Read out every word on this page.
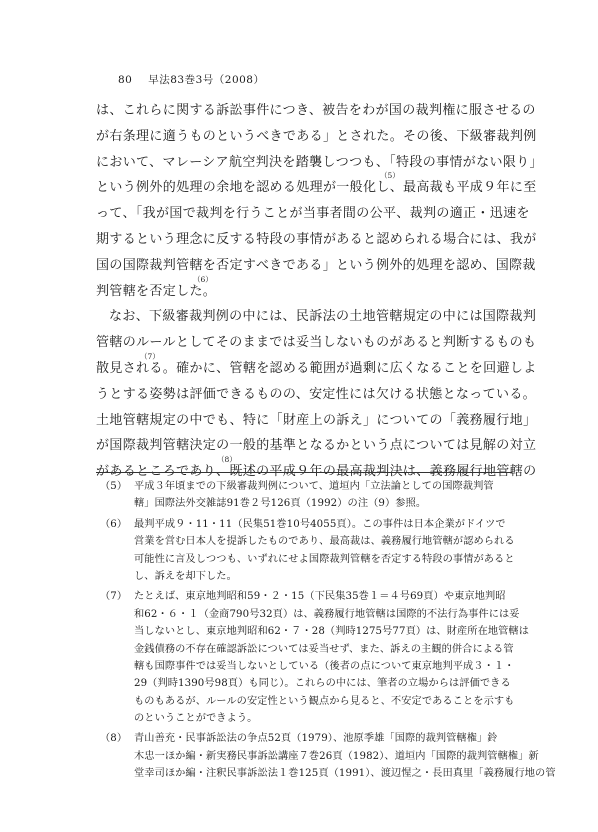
80 早法83巻3号（2008）
は、これらに関する訴訟事件につき、被告をわが国の裁判権に服させるの
が右条理に適うものというべきである」とされた。その後、下級審裁判例
において、マレーシア航空判決を踏襲しつつも、「特段の事情がない限り」
という例外的処理の余地を認める処理が一般化し、最高裁も平成９年に至
（5）
って、「我が国で裁判を行うことが当事者間の公平、裁判の適正・迅速を
期するという理念に反する特段の事情があると認められる場合には、我が
国の国際裁判管轄を否定すべきである」という例外的処理を認め、国際裁
判管轄を否定した。
（6）
なお、下級審裁判例の中には、民訴法の土地管轄規定の中には国際裁判
管轄のルールとしてそのままでは妥当しないものがあると判断するものも
散見される。確かに、管轄を認める範囲が過剰に広くなることを回避しよ
（7）
うとする姿勢は評価できるものの、安定性には欠ける状態となっている。
土地管轄規定の中でも、特に「財産上の訴え」についての「義務履行地」
が国際裁判管轄決定の一般的基準となるかという点については見解の対立
があるところであり、既述の平成９年の最高裁判決は、義務履行地管轄の
（8）
（5） 平成３年頃までの下級審裁判例について、道垣内「立法論としての国際裁判管
轄」国際法外交雑誌91巻２号126頁（1992）の注（9）参照。
（6） 最判平成９・11・11（民集51巻10号4055頁）。この事件は日本企業がドイツで
営業を営む日本人を提訴したものであり、最高裁は、義務履行地管轄が認められる
可能性に言及しつつも、いずれにせよ国際裁判管轄を否定する特段の事情があると
し、訴えを却下した。
（7） たとえば、東京地判昭和59・２・15（下民集35巻１＝４号69頁）や東京地判昭
和62・６・１（金商790号32頁）は、義務履行地管轄は国際的不法行為事件には妥
当しないとし、東京地判昭和62・７・28（判時1275号77頁）は、財産所在地管轄は
金銭債務の不存在確認訴訟については妥当せず、また、訴えの主観的併合による管
轄も国際事件では妥当しないとしている（後者の点について東京地判平成３・１・
29（判時1390号98頁）も同じ）。これらの中には、筆者の立場からは評価できる
ものもあるが、ルールの安定性という観点から見ると、不安定であることを示すも
のということができよう。
（8） 青山善充・民事訴訟法の争点52頁（1979）、池原季雄「国際的裁判管轄権」鈴
木忠一ほか編・新実務民事訴訟講座７巻26頁（1982）、道垣内「国際的裁判管轄権」新
堂幸司ほか編・注釈民事訴訟法１巻125頁（1991）、渡辺惺之・長田真里「義務履行地の管
